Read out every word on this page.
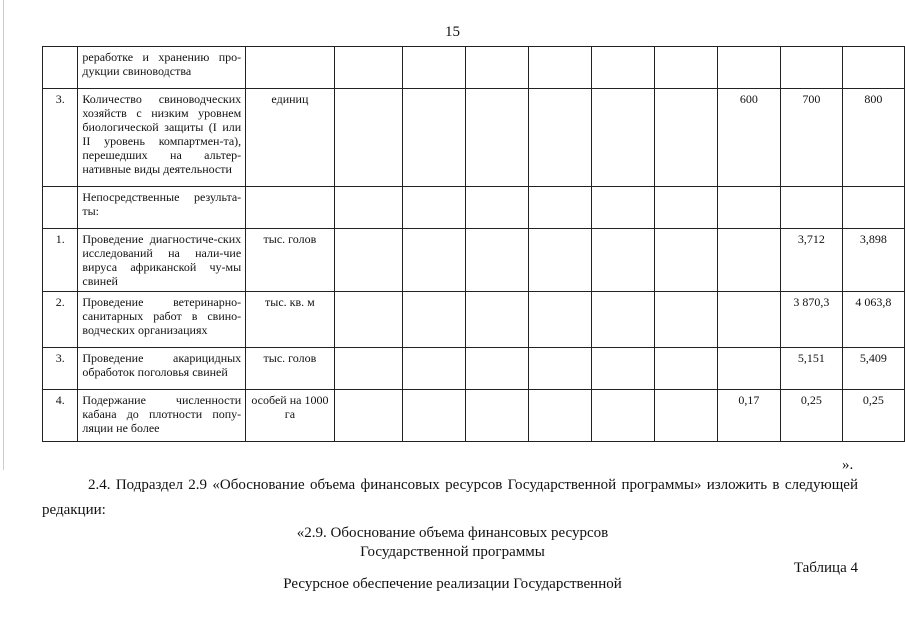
15
	реработке и хранению про-дукции свиноводства										
3.	Количество свиноводческих хозяйств с низким уровнем биологической защиты (I или II уровень компартмен-та), перешедших на альтер-нативные виды деятельности	единиц							600	700	800
	Непосредственные результа-ты:										
1.	Проведение диагностиче-ских исследований на нали-чие вируса африканской чу-мы свиней	тыс. голов								3,712	3,898
2.	Проведение ветеринарно-санитарных работ в свино-водческих организациях	тыс. кв. м								3 870,3	4 063,8
3.	Проведение акарицидных обработок поголовья свиней	тыс. голов								5,151	5,409
4.	Подержание численности кабана до плотности попу-ляции не более	особей на 1000 га							0,17	0,25	0,25
».
2.4. Подраздел 2.9 «Обоснование объема финансовых ресурсов Государственной программы» изложить в следующей
редакции:
«2.9. Обоснование объема финансовых ресурсов
Государственной программы
Таблица 4
Ресурсное обеспечение реализации Государственной
